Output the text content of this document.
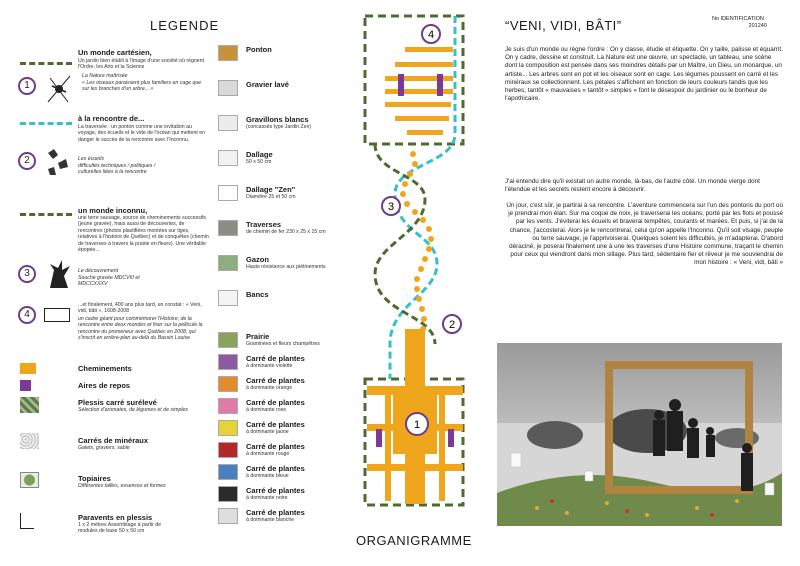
LEGENDE
1
Un monde cartésien,
Un jardin bien établi à l'image d'une société où règnent l'Ordre, les Arts et la Science
La Nature maîtrisée
« Les oiseaux paraissent plus familiers en cage que sur les branches d'un arbre... »
2
à la rencontre de...
La traversée : un ponton comme une invitation au voyage, des écueils et le vide de l'océan qui mettent en danger le succès de la rencontre avec l'Inconnu.
Les écueils
difficultés techniques / politiques / culturelles liées à la rencontre
3
un monde inconnu,
une terre sauvage, source de cheminements successifs (jeune gravée), mais aussi de découvertes, de rencontres (photos plastifiées montées sur tiges, relatives à l'histoire de Québec) et de conquêtes (chemin de traverses à travers la prairie en fleurs). Une véritable épopée...
Le découvrement
Souche gravée MDCVIII et MDCCXXXV
4
...et finalement, 400 ans plus tard, un constat : « Veni, vidi, bâti », 1608-2008
un cadre géant pour commémorer l'Histoire; de la rencontre entre deux mondes et fixer sur la pellicule la rencontre du promeneur avec Québec en 2008, qui s'inscrit en arrière-plan au-delà du Bassin Louise
Cheminements
Aires de repos
Plessis carré surélevé
Sélection d'aromates, de légumes et de simples
Carrés de minéraux
Galets, graviers, sable
Topiaires
Différentes tailles, essences et formes
Paravents en plessis
1 x 2 mètres Assemblage à partir de modules de base 50 x 50 cm
Ponton
Gravier lavé
Gravillons blancs
(concassés type Jardin Zen)
Dallage
50 x 50 cm
Dallage "Zen"
Diamètre 25 et 50 cm
Traverses
de chemin de fer 230 x 25 x 15 cm
Gazon
Haute résistance aux piétinements
Bancs
Prairie
Graminées et fleurs champêtres
Carré de plantes
à dominante violette
Carré de plantes
à dominante orange
Carré de plantes
à dominante rose
Carré de plantes
à dominante jaune
Carré de plantes
à dominante rouge
Carré de plantes
à dominante bleue
Carré de plantes
à dominante noire
Carré de plantes
à dominante blanche
4
3
2
1
ORGANIGRAMME
“VENI, VIDI, BÂTI”	No IDENTIFICATION :
201240
Je suis d'un monde ou règne l'ordre : On y classe, étudie et étiquette. On y taille, palisse et équarrit. On y cadre, dessine et construit. La Nature est une œuvre, un spectacle, un tableau, une scène dont la composition est pensée dans ses moindres détails par un Maître, un Dieu, un monarque, un artiste... Les arbres sont en pot et les oiseaux sont en cage. Les légumes poussent en carré et les minéraux se collectionnent. Les pétales s'affichent en fonction de leurs couleurs tandis que les herbes, tantôt « mauvaises » tantôt « simples » font le désespoir du jardinier ou le bonheur de l'apothicaire.
J'ai entendu dire qu'il existait un autre monde, là-bas, de l'autre côté. Un monde vierge dont l'étendue et les secrets restent encore à découvrir.
Un jour, c'est sûr, je partirai à sa rencontre. L'aventure commencera sur l'un des pontons du port où je prendrai mon élan. Sur ma coque de noix, je traverserai les océans, porté par les flots et poussé par les vents. J'éviterai les écueils et braverai tempêtes, courants et marées. Et puis, si j'ai de la chance, j'accosterai. Alors je le rencontrerai, celui qu'on appelle l'Inconnu. Qu'il soit visage, peuple ou terre sauvage, je l'apprivoiserai. Quelques soient les difficultés, je m'adapterai. D'abord déraciné, je poserai finalement une à une les traverses d'une Histoire commune, traçant le chemin pour ceux qui viendront dans mon sillage. Plus tard, sédentaire fier et rêveur je me souviendrai de mon histoire : « Veni, vidi, bâti »
